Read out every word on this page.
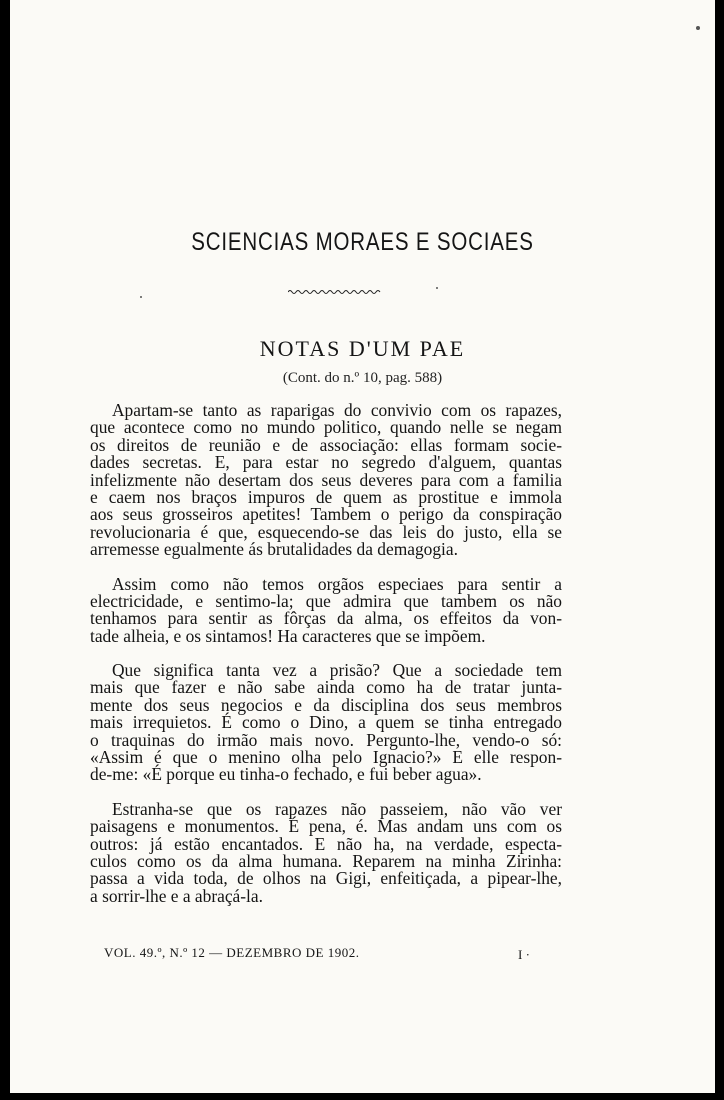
SCIENCIAS MORAES E SOCIAES
NOTAS D'UM PAE
(Cont. do n.º 10, pag. 588)

Apartam-se tanto as raparigas do convivio com os rapazes,
que acontece como no mundo politico, quando nelle se negam
os direitos de reunião e de associação: ellas formam socie-
dades secretas. E, para estar no segredo d'alguem, quantas
infelizmente não desertam dos seus deveres para com a familia
e caem nos braços impuros de quem as prostitue e immola
aos seus grosseiros apetites! Tambem o perigo da conspiração
revolucionaria é que, esquecendo-se das leis do justo, ella se
arremesse egualmente ás brutalidades da demagogia.

Assim como não temos orgãos especiaes para sentir a
electricidade, e sentimo-la; que admira que tambem os não
tenhamos para sentir as fôrças da alma, os effeitos da von-
tade alheia, e os sintamos! Ha caracteres que se impõem.

Que significa tanta vez a prisão? Que a sociedade tem
mais que fazer e não sabe ainda como ha de tratar junta-
mente dos seus negocios e da disciplina dos seus membros
mais irrequietos. É como o Dino, a quem se tinha entregado
o traquinas do irmão mais novo. Pergunto-lhe, vendo-o só:
«Assim é que o menino olha pelo Ignacio?» E elle respon-
de-me: «É porque eu tinha-o fechado, e fui beber agua».

Estranha-se que os rapazes não passeiem, não vão ver
paisagens e monumentos. É pena, é. Mas andam uns com os
outros: já estão encantados. E não ha, na verdade, especta-
culos como os da alma humana. Reparem na minha Zirinha:
passa a vida toda, de olhos na Gigi, enfeitiçada, a pipear-lhe,
a sorrir-lhe e a abraçá-la.

VOL. 49.º, N.º 12 — DEZEMBRO DE 1902.	I ·
